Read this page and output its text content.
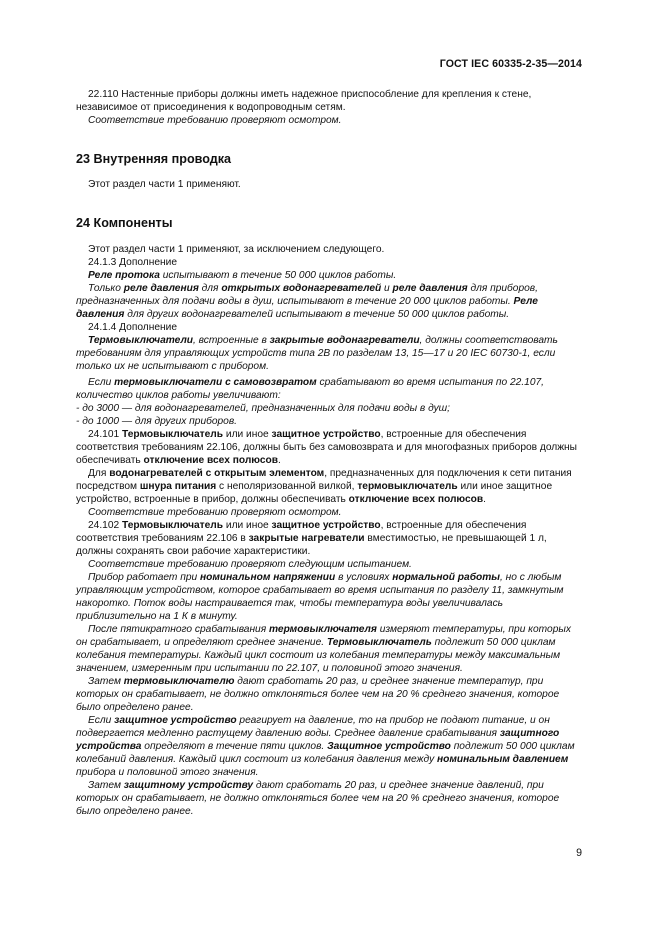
ГОСТ IEC 60335-2-35—2014

22.110 Настенные приборы должны иметь надежное приспособление для крепления к стене, независимое от присоединения к водопроводным сетям.

Соответствие требованию проверяют осмотром.

23 Внутренняя проводка

Этот раздел части 1 применяют.

24 Компоненты

Этот раздел части 1 применяют, за исключением следующего.

24.1.3 Дополнение

Реле протока испытывают в течение 50 000 циклов работы.

Только реле давления для открытых водонагревателей и реле давления для приборов, предназначенных для подачи воды в душ, испытывают в течение 20 000 циклов работы. Реле давления для других водонагревателей испытывают в течение 50 000 циклов работы.

24.1.4 Дополнение

Термовыключатели, встроенные в закрытые водонагреватели, должны соответствовать требованиям для управляющих устройств типа 2В по разделам 13, 15—17 и 20 IEC 60730-1, если только их не испытывают с прибором.

Если термовыключатели с самовозвратом срабатывают во время испытания по 22.107, количество циклов работы увеличивают:

- до 3000 — для водонагревателей, предназначенных для подачи воды в душ;

- до 1000 — для других приборов.

24.101 Термовыключатель или иное защитное устройство, встроенные для обеспечения соответствия требованиям 22.106, должны быть без самовозврата и для многофазных приборов должны обеспечивать отключение всех полюсов.

Для водонагревателей с открытым элементом, предназначенных для подключения к сети питания посредством шнура питания с неполяризованной вилкой, термовыключатель или иное защитное устройство, встроенные в прибор, должны обеспечивать отключение всех полюсов.

Соответствие требованию проверяют осмотром.

24.102 Термовыключатель или иное защитное устройство, встроенные для обеспечения соответствия требованиям 22.106 в закрытые нагреватели вместимостью, не превышающей 1 л, должны сохранять свои рабочие характеристики.

Соответствие требованию проверяют следующим испытанием.

Прибор работает при номинальном напряжении в условиях нормальной работы, но с любым управляющим устройством, которое срабатывает во время испытания по разделу 11, замкнутым накоротко. Поток воды настраивается так, чтобы температура воды увеличивалась приблизительно на 1 К в минуту.

После пятикратного срабатывания термовыключателя измеряют температуры, при которых он срабатывает, и определяют среднее значение. Термовыключатель подлежит 50 000 циклам колебания температуры. Каждый цикл состоит из колебания температуры между максимальным значением, измеренным при испытании по 22.107, и половиной этого значения.

Затем термовыключателю дают сработать 20 раз, и среднее значение температур, при которых он срабатывает, не должно отклоняться более чем на 20 % среднего значения, которое было определено ранее.

Если защитное устройство реагирует на давление, то на прибор не подают питание, и он подвергается медленно растущему давлению воды. Среднее давление срабатывания защитного устройства определяют в течение пяти циклов. Защитное устройство подлежит 50 000 циклам колебаний давления. Каждый цикл состоит из колебания давления между номинальным давлением прибора и половиной этого значения.

Затем защитному устройству дают сработать 20 раз, и среднее значение давлений, при которых он срабатывает, не должно отклоняться более чем на 20 % среднего значения, которое было определено ранее.

9
